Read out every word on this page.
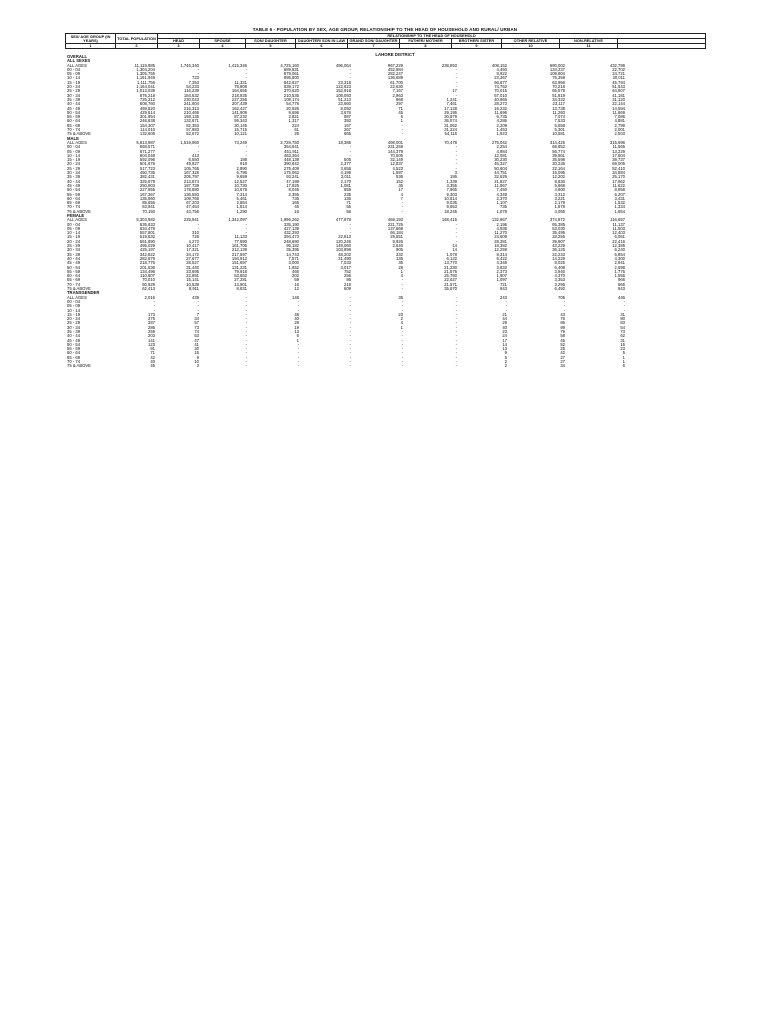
TABLE 6 - POPULATION BY SEX, AGE GROUP, RELATIONSHIP TO THE HEAD OF HOUSEHOLD AND RURAL/ URBAN
SEX/ AGE GROUP (IN YEARS)	TOTAL POPULATION	RELATIONSHIP TO THE HEAD OF HOUSEHOLD									
		HEAD	SPOUSE	SON/ DAUGHTER	DAUGHTER/ SON IN LAW	GRAND SON/ DAUGHTER	FATHER/ MOTHER	BROTHER/ SISTER	OTHER RELATIVE	NON-RELATIVE	
1	2	3	4	5	6	7	8	9	10	11	
OVERALL
ALL SEXES
LAHORE DISTRICT
ALL AGES	11,119,985	1,746,340	1,415,346	4,725,160	496,064	967,229	238,893	408,152	690,002	432,799
00 - 04	1,304,204	-	-	689,831	-	452,984	-	4,450	134,237	22,702
05 - 09	1,305,755	-	-	879,061	-	282,247	-	9,922	109,804	24,721
10 - 14	1,161,949	723	-	895,800	-	136,689	-	23,367	75,359	30,011
15 - 19	1,111,756	7,353	11,321	842,627	23,318	61,700	-	56,677	63,956	45,794
20 - 24	1,164,041	54,233	78,808	639,172	122,623	22,630	-	74,762	70,218	51,543
25 - 29	1,013,039	116,239	164,655	370,620	152,918	7,167	17	70,015	65,578	64,807
30 - 34	876,218	184,632	218,935	210,535	108,093	2,963	-	57,010	51,819	41,181
35 - 39	725,212	230,043	227,256	108,174	51,213	868	1,241	40,965	34,332	31,120
40 - 44	608,760	241,604	207,439	54,776	23,660	297	7,461	28,273	23,117	22,144
45 - 49	469,520	216,313	162,427	20,926	8,092	71	17,128	16,232	13,738	14,594
50 - 54	429,614	210,466	141,909	9,696	3,676	45	29,195	11,696	11,260	11,669
55 - 59	301,954	159,135	87,232	2,821	987	5	30,879	6,735	7,074	7,086
60 - 64	246,838	132,671	59,343	1,317	392	1	36,574	4,286	7,533	4,881
65 - 69	154,307	82,353	30,145	224	157	-	31,062	2,209	5,558	2,799
70 - 74	114,010	57,983	15,715	61	267	-	31,224	1,453	5,301	2,001
75 & ABOVE	132,608	52,672	10,121	26	665	-	54,115	1,923	10,581	2,503
MALE
ALL AGES	5,813,987	1,519,960	73,249	2,728,750	18,386	498,001	70,478	275,042	314,425	315,696
00 - 04	668,571	-	-	354,641	-	231,259	-	2,254	68,852	11,565
05 - 09	671,277	-	-	451,911	-	144,379	-	4,984	56,774	13,229
10 - 14	604,048	413	-	463,364	-	70,505	-	12,081	39,861	17,804
15 - 19	592,096	6,550	188	448,139	505	32,149	-	30,230	35,598	39,737
20 - 24	601,876	49,927	918	390,842	2,377	12,837	-	46,327	30,235	69,005
25 - 29	517,723	105,765	2,990	275,409	3,658	4,523	-	50,604	22,164	52,410
30 - 34	450,735	167,328	6,796	175,062	4,199	1,597	3	44,751	15,095	34,884
35 - 39	382,431	205,797	9,659	93,241	3,011	536	186	32,629	12,202	25,170
40 - 44	325,879	213,874	12,527	47,198	2,170	152	1,339	21,827	8,830	17,962
45 - 49	250,903	187,739	10,730	17,925	1,081	36	3,355	11,867	5,668	11,622
50 - 54	227,955	178,880	10,678	8,045	659	17	7,965	7,450	4,800	8,956
55 - 59	167,367	136,550	7,314	2,355	235	4	9,303	4,349	3,312	6,207
60 - 64	135,960	109,765	5,461	735	136	7	10,814	2,370	3,221	3,431
65 - 69	85,655	67,203	2,864	165	71	-	9,035	1,107	2,178	1,532
70 - 74	63,941	47,454	1,814	45	55	-	9,653	735	1,878	1,334
75 & ABOVE	70,150	43,756	1,290	16	56	-	18,245	1,078	4,055	1,654
FEMALE
ALL AGES	5,303,982	225,941	1,342,097	1,996,262	477,678	469,193	168,415	132,867	374,872	116,657
00 - 04	635,633	-	-	335,190	-	221,725	-	2,196	65,385	11,137
05 - 09	634,478	-	-	427,139	-	137,868	-	4,938	53,030	11,503
10 - 14	557,901	310	-	432,293	-	66,184	-	11,270	35,495	12,403
15 - 19	519,632	726	11,133	394,473	22,813	29,551	-	24,608	28,255	6,061
20 - 24	561,890	4,272	77,890	248,690	120,246	9,926	-	28,381	39,907	22,416
25 - 29	495,029	10,417	161,705	95,182	149,060	2,640	14	19,382	43,229	12,385
30 - 34	425,197	17,321	212,139	35,395	103,896	905	14	12,259	36,125	6,240
35 - 39	342,822	24,172	217,597	14,743	48,202	332	1,078	8,314	22,233	5,854
40 - 44	282,878	27,677	194,912	7,571	21,490	135	6,122	6,422	14,229	4,300
45 - 49	218,776	28,527	151,697	3,000	7,033	35	13,770	4,348	8,025	2,941
50 - 54	201,536	31,440	131,231	1,652	3,017	28	21,230	3,832	6,408	2,698
55 - 59	134,496	23,695	79,918	466	752	1	21,576	2,373	3,940	1,775
60 - 64	110,807	22,891	53,862	202	256	4	25,760	1,907	4,370	1,555
65 - 69	70,010	15,141	27,281	59	86	-	22,027	1,097	3,353	966
70 - 74	50,929	10,539	13,901	16	219	-	21,571	721	3,296	666
75 & ABOVE	62,413	8,911	8,831	12	609	-	35,870	843	6,492	843
TRANSGENDER
ALL AGES	2,016	439	-	148	-	35	-	243	705	446
00 - 04	-	-	-	-	-	-	-	-	-	-
05 - 09	-	-	-	-	-	-	-	-	-	-
10 - 14	-	-	-	-	-	-	-	-	-	-
15 - 19	173	7	-	48	-	23	-	21	43	31
20 - 24	275	34	-	40	-	2	-	44	76	80
25 - 29	287	57	-	29	-	4	-	29	85	83
30 - 34	286	73	-	19	-	1	-	40	99	54
35 - 39	259	74	-	13	-	-	-	23	79	73
40 - 44	203	53	-	6	-	-	-	24	58	62
45 - 49	141	47	-	1	-	-	-	17	45	31
50 - 54	123	41	-	-	-	-	-	14	52	16
55 - 59	91	30	-	-	-	-	-	13	25	23
60 - 64	71	15	-	-	-	-	-	9	42	5
65 - 69	42	9	-	-	-	-	-	5	27	1
70 - 74	40	10	-	-	-	-	-	2	27	1
75 & ABOVE	45	3	-	-	-	-	-	2	34	6
